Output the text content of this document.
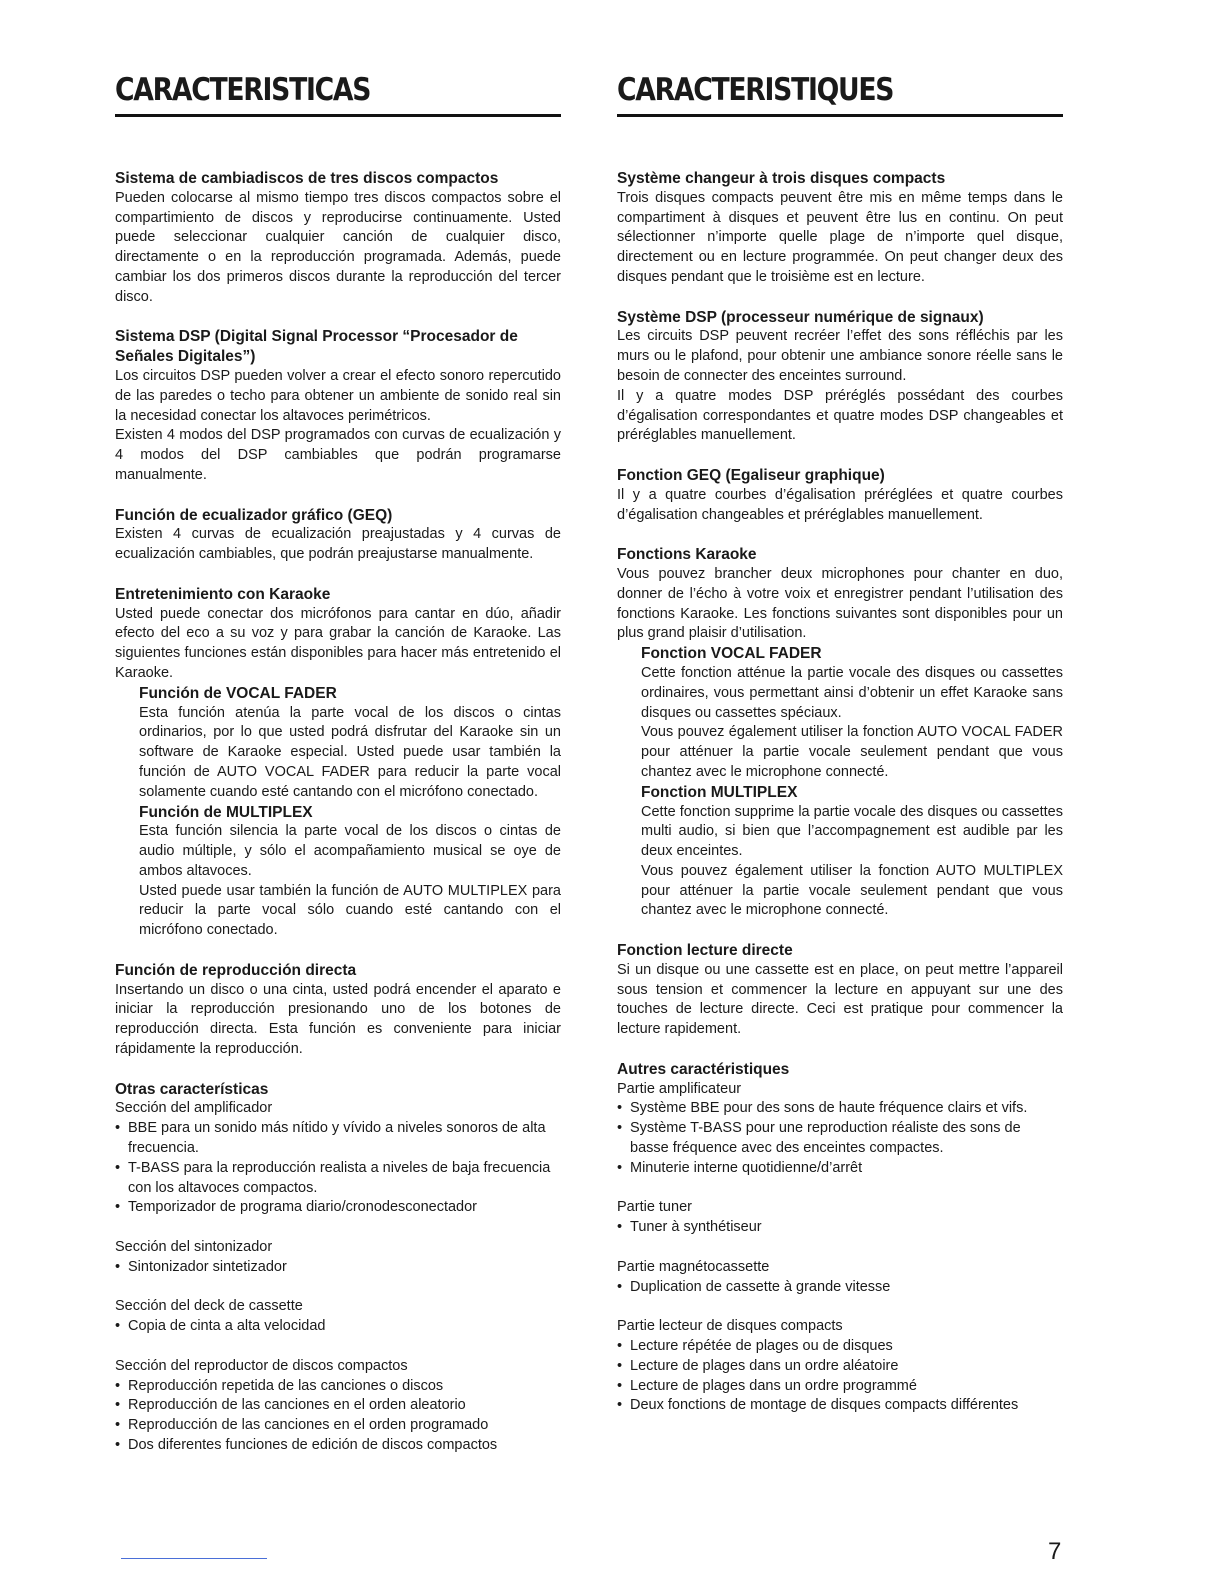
CARACTERISTICAS
Sistema de cambiadiscos de tres discos compactos
Pueden colocarse al mismo tiempo tres discos compactos sobre el compartimiento de discos y reproducirse continuamente. Usted puede seleccionar cualquier canción de cualquier disco, directamente o en la reproducción programada. Además, puede cambiar los dos primeros discos durante la reproducción del tercer disco.
Sistema DSP (Digital Signal Processor “Procesador de Señales Digitales”)
Los circuitos DSP pueden volver a crear el efecto sonoro repercutido de las paredes o techo para obtener un ambiente de sonido real sin la necesidad conectar los altavoces perimétricos.
Existen 4 modos del DSP programados con curvas de ecualización y 4 modos del DSP cambiables que podrán programarse manualmente.
Función de ecualizador gráfico (GEQ)
Existen 4 curvas de ecualización preajustadas y 4 curvas de ecualización cambiables, que podrán preajustarse manualmente.
Entretenimiento con Karaoke
Usted puede conectar dos micrófonos para cantar en dúo, añadir efecto del eco a su voz y para grabar la canción de Karaoke. Las siguientes funciones están disponibles para hacer más entretenido el Karaoke.
Función de VOCAL FADER
Esta función atenúa la parte vocal de los discos o cintas ordinarios, por lo que usted podrá disfrutar del Karaoke sin un software de Karaoke especial. Usted puede usar también la función de AUTO VOCAL FADER para reducir la parte vocal solamente cuando esté cantando con el micrófono conectado.
Función de MULTIPLEX
Esta función silencia la parte vocal de los discos o cintas de audio múltiple, y sólo el acompañamiento musical se oye de ambos altavoces.
Usted puede usar también la función de AUTO MULTIPLEX para reducir la parte vocal sólo cuando esté cantando con el micrófono conectado.
Función de reproducción directa
Insertando un disco o una cinta, usted podrá encender el aparato e iniciar la reproducción presionando uno de los botones de reproducción directa. Esta función es conveniente para iniciar rápidamente la reproducción.
Otras características
Sección del amplificador
• BBE para un sonido más nítido y vívido a niveles sonoros de alta frecuencia.
• T-BASS para la reproducción realista a niveles de baja frecuencia con los altavoces compactos.
• Temporizador de programa diario/cronodesconectador
Sección del sintonizador
• Sintonizador sintetizador
Sección del deck de cassette
• Copia de cinta a alta velocidad
Sección del reproductor de discos compactos
• Reproducción repetida de las canciones o discos
• Reproducción de las canciones en el orden aleatorio
• Reproducción de las canciones en el orden programado
• Dos diferentes funciones de edición de discos compactos
CARACTERISTIQUES
Système changeur à trois disques compacts
Trois disques compacts peuvent être mis en même temps dans le compartiment à disques et peuvent être lus en continu. On peut sélectionner n’importe quelle plage de n’importe quel disque, directement ou en lecture programmée. On peut changer deux des disques pendant que le troisième est en lecture.
Système DSP (processeur numérique de signaux)
Les circuits DSP peuvent recréer l’effet des sons réfléchis par les murs ou le plafond, pour obtenir une ambiance sonore réelle sans le besoin de connecter des enceintes surround.
Il y a quatre modes DSP préréglés possédant des courbes d’égalisation correspondantes et quatre modes DSP changeables et préréglables manuellement.
Fonction GEQ (Egaliseur graphique)
Il y a quatre courbes d’égalisation préréglées et quatre courbes d’égalisation changeables et préréglables manuellement.
Fonctions Karaoke
Vous pouvez brancher deux microphones pour chanter en duo, donner de l’écho à votre voix et enregistrer pendant l’utilisation des fonctions Karaoke. Les fonctions suivantes sont disponibles pour un plus grand plaisir d’utilisation.
Fonction VOCAL FADER
Cette fonction atténue la partie vocale des disques ou cassettes ordinaires, vous permettant ainsi d’obtenir un effet Karaoke sans disques ou cassettes spéciaux.
Vous pouvez également utiliser la fonction AUTO VOCAL FADER pour atténuer la partie vocale seulement pendant que vous chantez avec le microphone connecté.
Fonction MULTIPLEX
Cette fonction supprime la partie vocale des disques ou cassettes multi audio, si bien que l’accompagnement est audible par les deux enceintes.
Vous pouvez également utiliser la fonction AUTO MULTIPLEX pour atténuer la partie vocale seulement pendant que vous chantez avec le microphone connecté.
Fonction lecture directe
Si un disque ou une cassette est en place, on peut mettre l’appareil sous tension et commencer la lecture en appuyant sur une des touches de lecture directe. Ceci est pratique pour commencer la lecture rapidement.
Autres caractéristiques
Partie amplificateur
• Système BBE pour des sons de haute fréquence clairs et vifs.
• Système T-BASS pour une reproduction réaliste des sons de basse fréquence avec des enceintes compactes.
• Minuterie interne quotidienne/d’arrêt
Partie tuner
• Tuner à synthétiseur
Partie magnétocassette
• Duplication de cassette à grande vitesse
Partie lecteur de disques compacts
• Lecture répétée de plages ou de disques
• Lecture de plages dans un ordre aléatoire
• Lecture de plages dans un ordre programmé
• Deux fonctions de montage de disques compacts différentes
7
